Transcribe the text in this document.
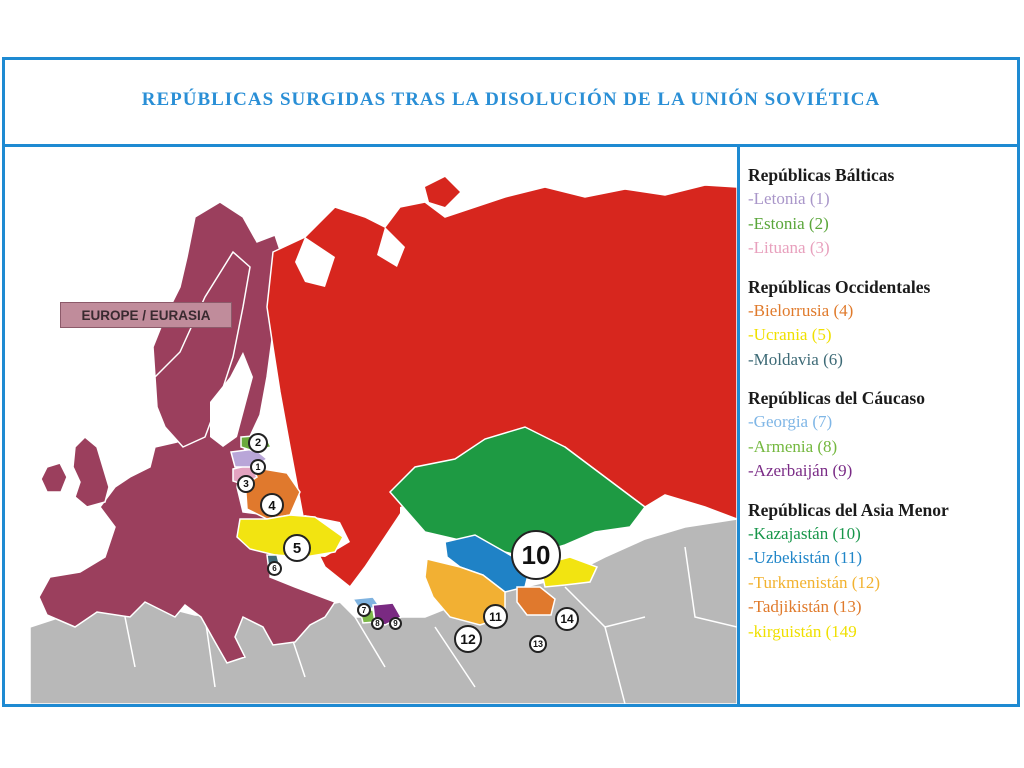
REPÚBLICAS SURGIDAS TRAS LA DISOLUCIÓN DE LA UNIÓN SOVIÉTICA
EUROPE / EURASIA
1
2
3
4
5
6
7
8	9
10
11
12	13
14
Repúblicas Bálticas
-Letonia (1)
-Estonia (2)
-Lituana (3)
Repúblicas Occidentales
-Bielorrusia (4)
-Ucrania (5)
-Moldavia (6)
Repúblicas del Cáucaso
-Georgia (7)
-Armenia (8)
-Azerbaiján (9)
Repúblicas del Asia Menor
-Kazajastán (10)
-Uzbekistán (11)
-Turkmenistán (12)
-Tadjikistán (13)
-kirguistán (149
